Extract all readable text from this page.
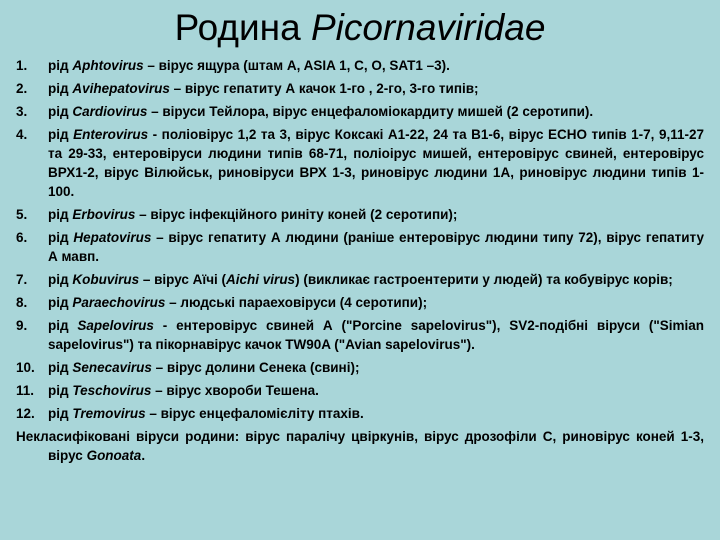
Родина Picornaviridae
1.	рід Aphtovirus – вірус ящура (штам A, ASIA 1, C, O, SAT1 –3).
2.	рід Avihepatovirus – вірус гепатиту А качок 1-го , 2-го, 3-го типів;
3.	рід Cardiovirus – віруси Тейлора, вірус енцефаломіокардиту мишей (2 серотипи).
4.	рід Enterovirus - поліовірус 1,2 та 3, вірус Коксакі A1-22, 24 та B1-6, вірус ECHO типів 1-7, 9,11-27 та 29-33, ентеровіруси людини типів 68-71, поліоірус мишей, ентеровірус свиней, ентеровірус ВРХ1-2, вірус Вілюйськ, риновіруси ВРХ 1-3, риновірус людини 1А, риновірус людини типів 1-100.
5.	рід Erbovirus – вірус інфекційного риніту коней (2 серотипи);
6.	рід Hepatovirus – вірус гепатиту А людини (раніше ентеровірус людини типу 72), вірус гепатиту А мавп.
7.	рід Kobuvirus – вірус Аїчі (Aichi virus) (викликає гастроентерити у людей) та кобувірус корів;
8.	рід Paraechovirus – людські параеховіруси (4 серотипи);
9.	рід Sapelovirus - ентеровірус свиней А ("Porcine sapelovirus"), SV2-подібні віруси ("Simian sapelovirus") та пікорнавірус качок TW90A ("Avian sapelovirus").
10. рід Senecavirus – вірус долини Сенека (свині);
11.	рід Teschovirus – вірус хвороби Тешена.
12. рід Tremovirus – вірус енцефаломієліту птахів.
Некласифіковані віруси родини: вірус паралічу цвіркунів, вірус дрозофіли С, риновірус коней 1-3, вірус Gonoata.
